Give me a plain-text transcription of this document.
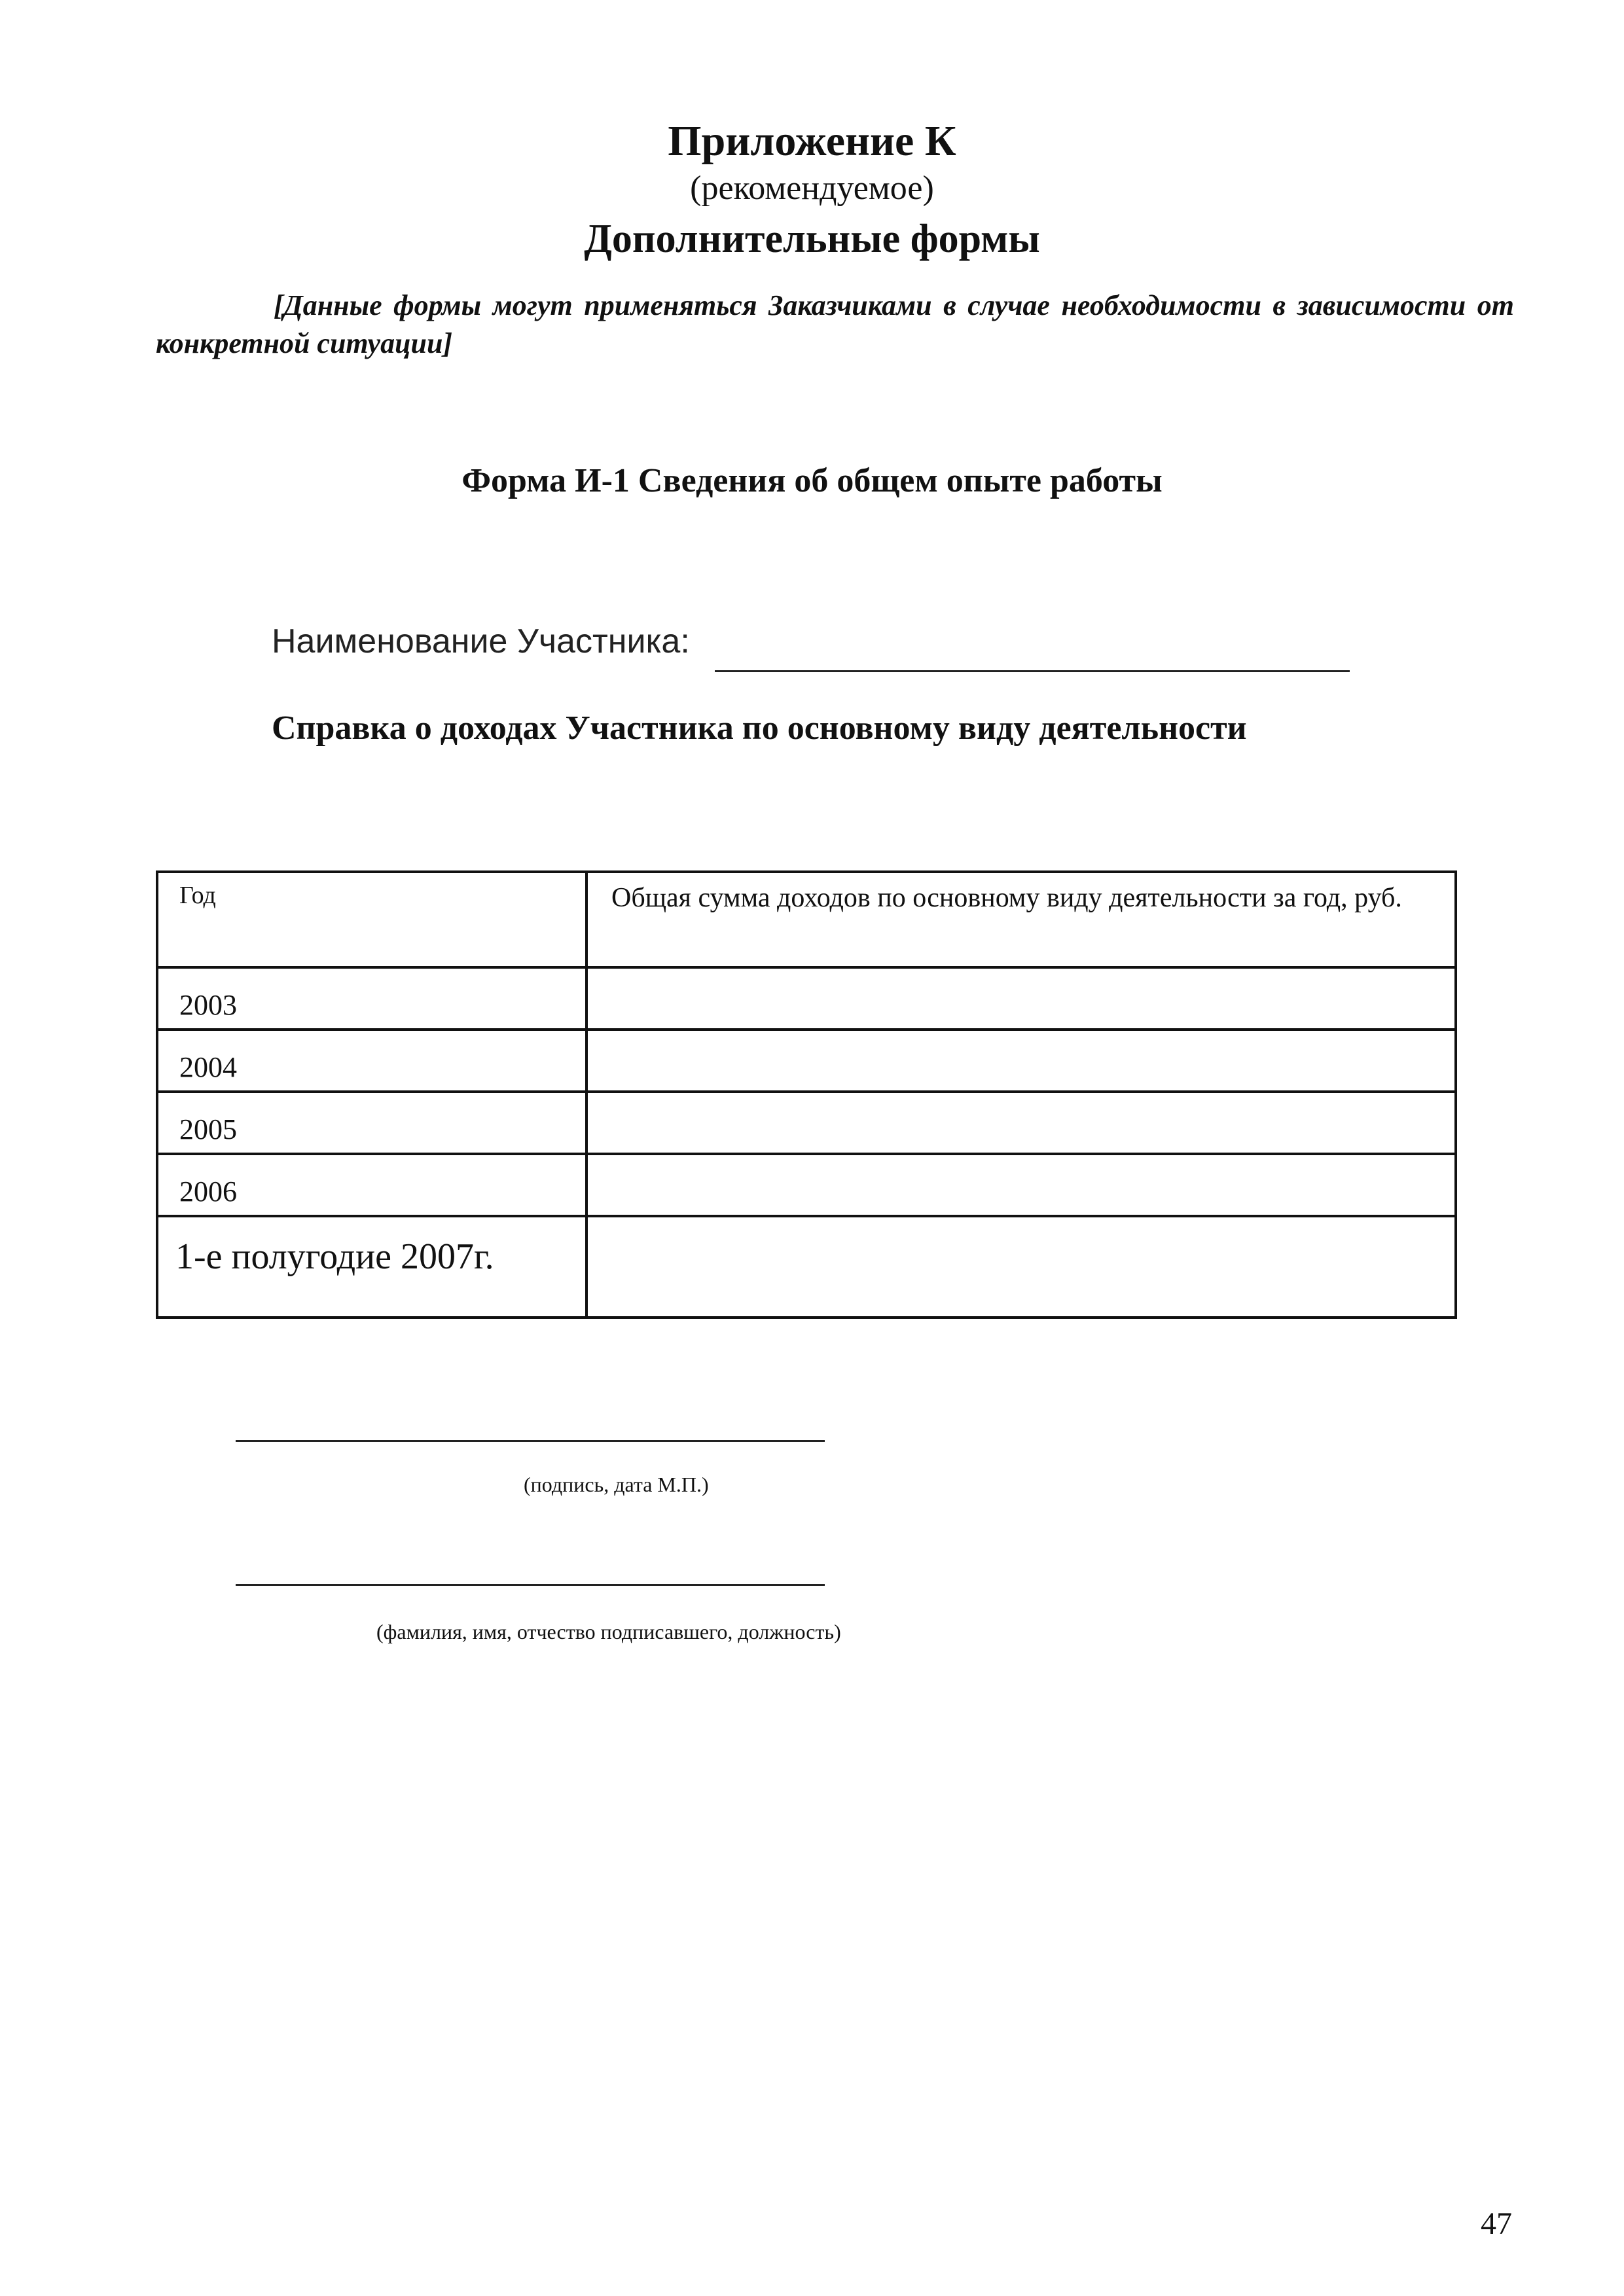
Приложение К
(рекомендуемое)
Дополнительные формы
[Данные формы могут применяться Заказчиками в случае необходимости в зависимости от конкретной ситуации]
Форма И-1 Сведения об общем опыте работы
Наименование Участника:
Справка о доходах Участника по основному виду деятельности
Год	Общая сумма доходов по основному виду деятельности за год, руб.
2003	
2004	
2005	
2006	
1-е полугодие 2007г.	
(подпись, дата М.П.)
(фамилия, имя, отчество подписавшего, должность)
47
